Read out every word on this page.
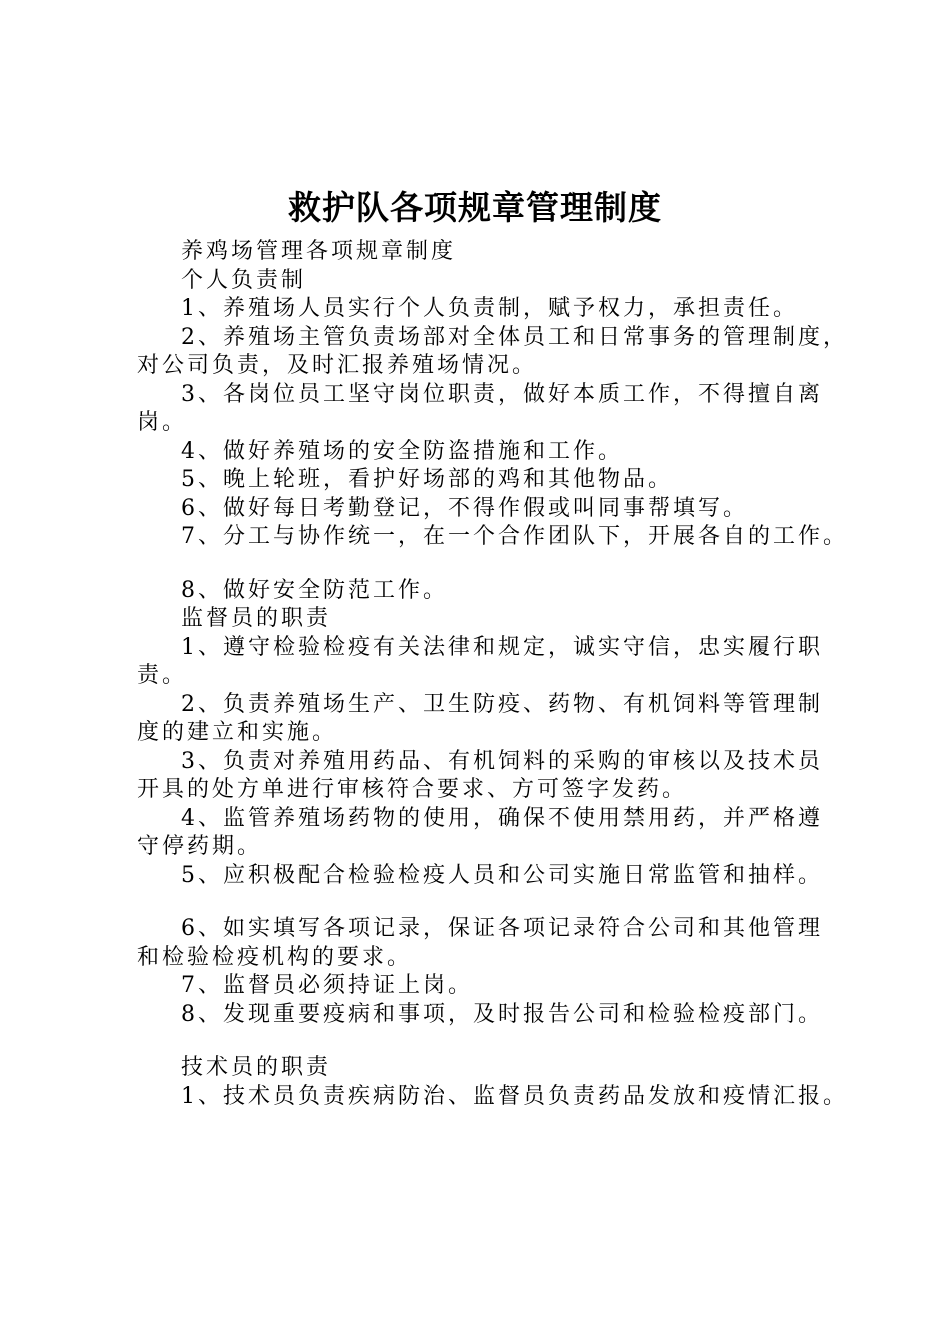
救护队各项规章管理制度
养鸡场管理各项规章制度
个人负责制
1、养殖场人员实行个人负责制，赋予权力，承担责任。
2、养殖场主管负责场部对全体员工和日常事务的管理制度，
对公司负责，及时汇报养殖场情况。
3、各岗位员工坚守岗位职责，做好本质工作，不得擅自离
岗。
4、做好养殖场的安全防盗措施和工作。
5、晚上轮班，看护好场部的鸡和其他物品。
6、做好每日考勤登记，不得作假或叫同事帮填写。
7、分工与协作统一，在一个合作团队下，开展各自的工作。
8、做好安全防范工作。
监督员的职责
1、遵守检验检疫有关法律和规定，诚实守信，忠实履行职
责。
2、负责养殖场生产、卫生防疫、药物、有机饲料等管理制
度的建立和实施。
3、负责对养殖用药品、有机饲料的采购的审核以及技术员
开具的处方单进行审核符合要求、方可签字发药。
4、监管养殖场药物的使用，确保不使用禁用药，并严格遵
守停药期。
5、应积极配合检验检疫人员和公司实施日常监管和抽样。
6、如实填写各项记录，保证各项记录符合公司和其他管理
和检验检疫机构的要求。
7、监督员必须持证上岗。
8、发现重要疫病和事项，及时报告公司和检验检疫部门。
技术员的职责
1、技术员负责疾病防治、监督员负责药品发放和疫情汇报。
